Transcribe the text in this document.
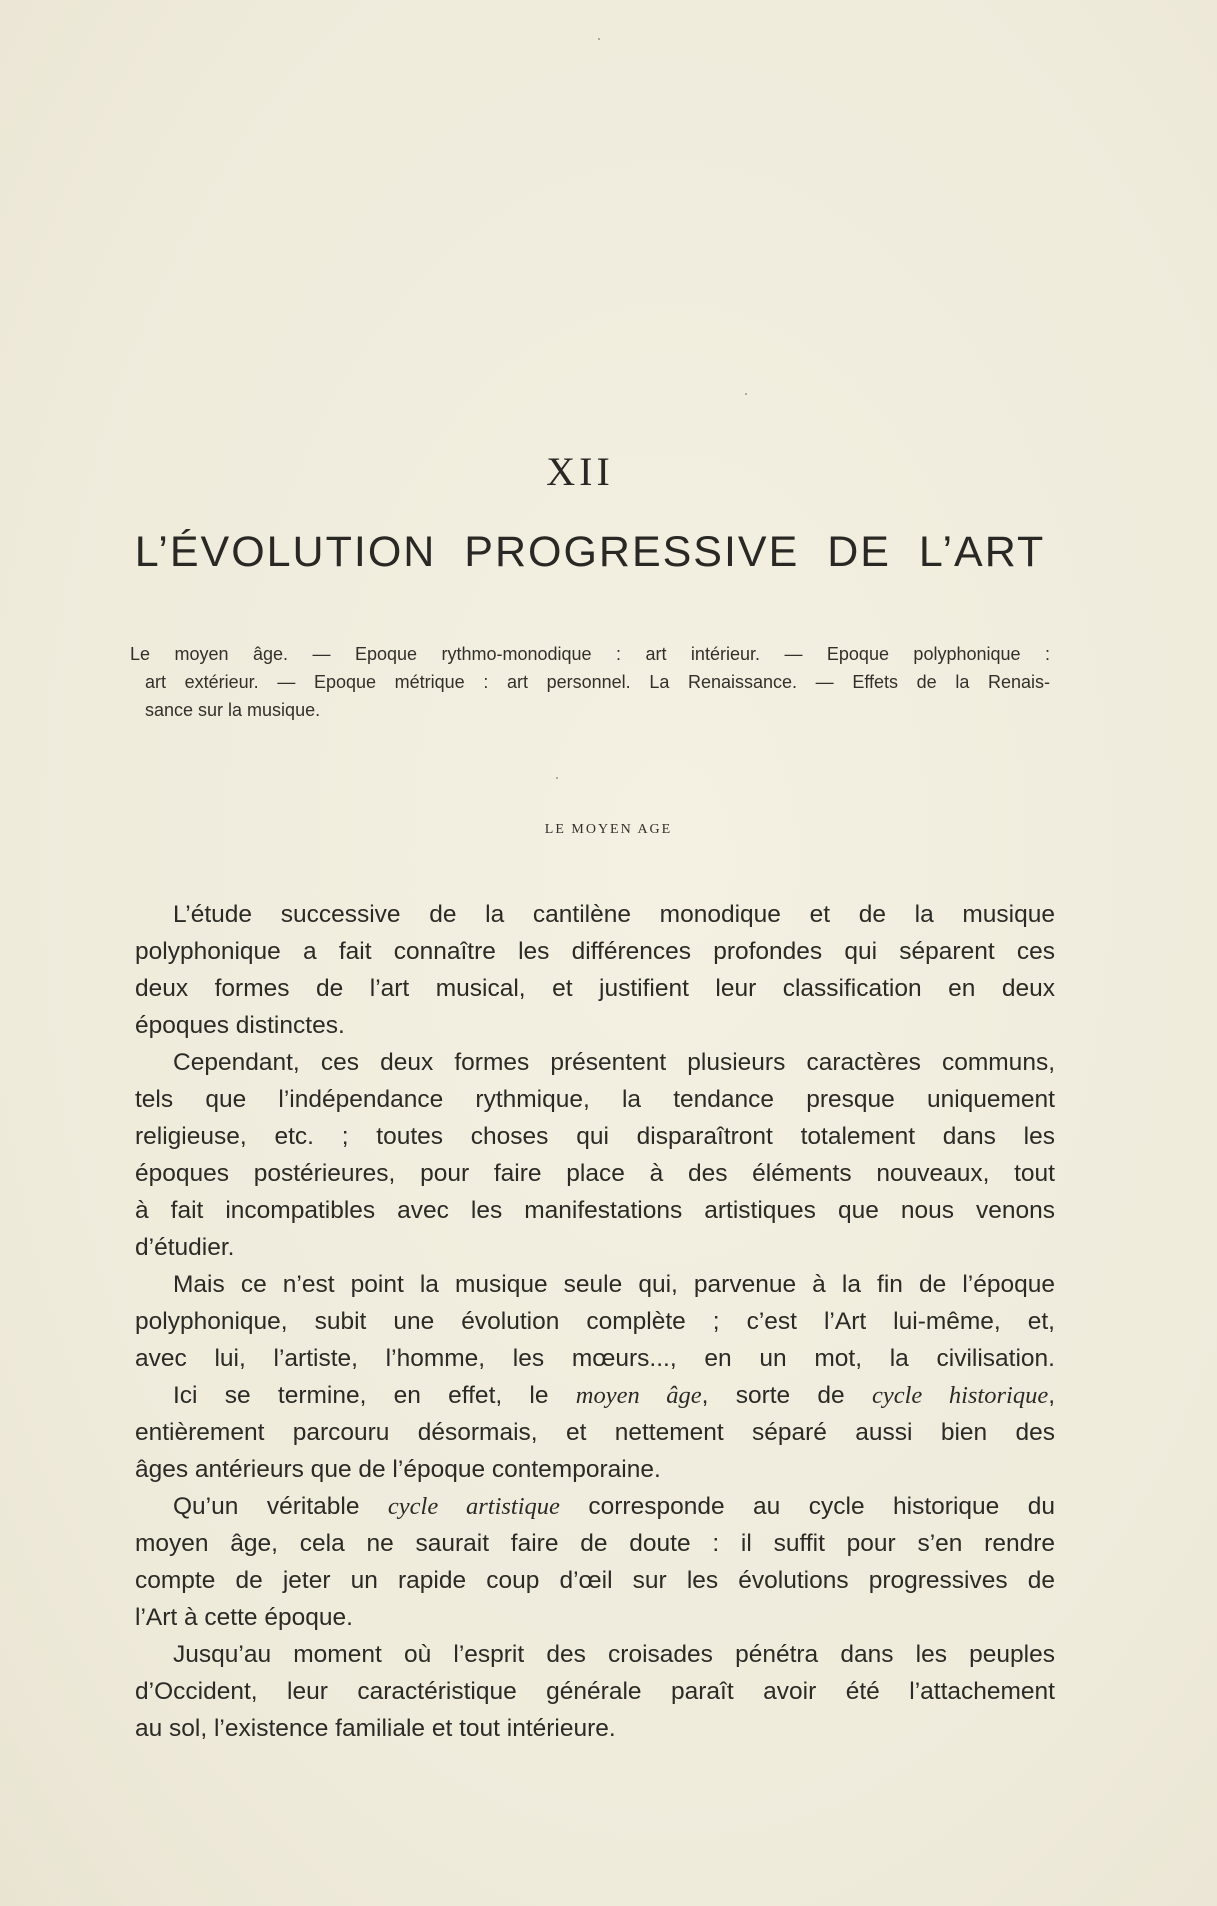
XII
L’ÉVOLUTION PROGRESSIVE DE L’ART
Le moyen âge. — Epoque rythmo-monodique : art intérieur. — Epoque polyphonique :
art extérieur. — Epoque métrique : art personnel. La Renaissance. — Effets de la Renais-
sance sur la musique.
LE MOYEN AGE
L’étude successive de la cantilène monodique et de la musique
polyphonique a fait connaître les différences profondes qui séparent ces
deux formes de l’art musical, et justifient leur classification en deux
époques distinctes.
Cependant, ces deux formes présentent plusieurs caractères communs,
tels que l’indépendance rythmique, la tendance presque uniquement
religieuse, etc. ; toutes choses qui disparaîtront totalement dans les
époques postérieures, pour faire place à des éléments nouveaux, tout
à fait incompatibles avec les manifestations artistiques que nous venons
d’étudier.
Mais ce n’est point la musique seule qui, parvenue à la fin de l’époque
polyphonique, subit une évolution complète ; c’est l’Art lui-même, et,
avec lui, l’artiste, l’homme, les mœurs..., en un mot, la civilisation.
Ici se termine, en effet, le moyen âge, sorte de cycle historique,
entièrement parcouru désormais, et nettement séparé aussi bien des
âges antérieurs que de l’époque contemporaine.
Qu’un véritable cycle artistique corresponde au cycle historique du
moyen âge, cela ne saurait faire de doute : il suffit pour s’en rendre
compte de jeter un rapide coup d’œil sur les évolutions progressives de
l’Art à cette époque.
Jusqu’au moment où l’esprit des croisades pénétra dans les peuples
d’Occident, leur caractéristique générale paraît avoir été l’attachement
au sol, l’existence familiale et tout intérieure.
